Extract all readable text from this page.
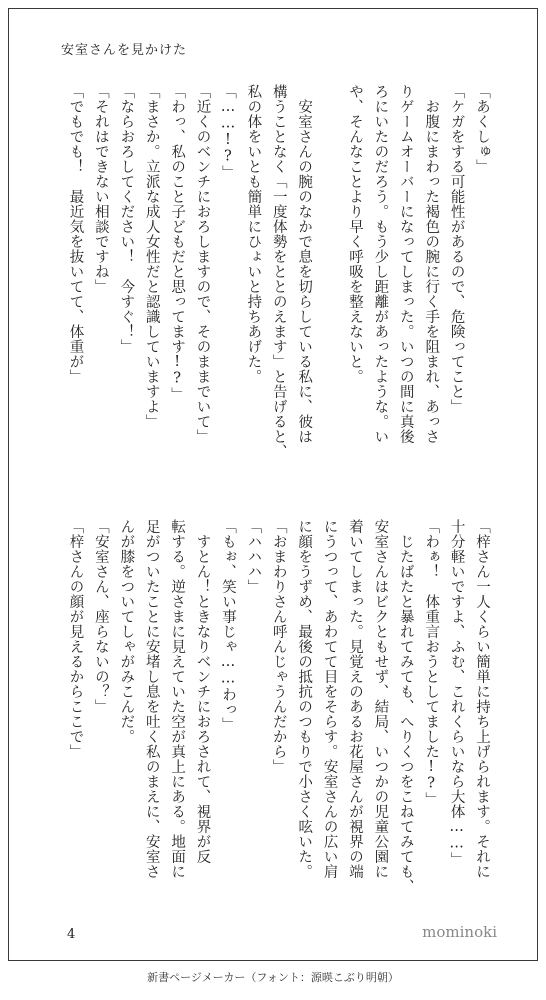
安室さんを見かけた
「あくしゅ」
「ケガをする可能性があるので、危険ってこと」
　お腹にまわった褐色の腕に行く手を阻まれ、あっさ
りゲームオーバーになってしまった。いつの間に真後
ろにいたのだろう。もう少し距離があったような。い
や、そんなことより早く呼吸を整えないと。
　安室さんの腕のなかで息を切らしている私に、彼は
構うことなく「一度体勢をととのえます」と告げると、
私の体をいとも簡単にひょいと持ちあげた。
「……!?」
「近くのベンチにおろしますので、そのままでいて」
「わっ、私のこと子どもだと思ってます!?」
「まさか。立派な成人女性だと認識していますよ」
「ならおろしてください！　今すぐ！」
「それはできない相談ですね」
「でもでも！　最近気を抜いてて、体重が」
「梓さん一人くらい簡単に持ち上げられます。それに
十分軽いですよ、ふむ、これくらいなら大体……」
「わぁ！　体重言おうとしてました!?」
　じたばたと暴れてみても、へりくつをこねてみても、
安室さんはビクともせず、結局、いつかの児童公園に
着いてしまった。見覚えのあるお花屋さんが視界の端
にうつって、あわてて目をそらす。安室さんの広い肩
に顔をうずめ、最後の抵抗のつもりで小さく呟いた。
「おまわりさん呼んじゃうんだから」
「ハハハ」
「もぉ、笑い事じゃ……わっ」
　すとん！ときなりベンチにおろされて、視界が反
転する。逆さまに見えていた空が真上にある。地面に
足がついたことに安堵し息を吐く私のまえに、安室さ
んが膝をついてしゃがみこんだ。
「安室さん、座らないの？」
「梓さんの顔が見えるからここで」
4	mominoki
新書ページメーカー（フォント：源暎こぶり明朝）
